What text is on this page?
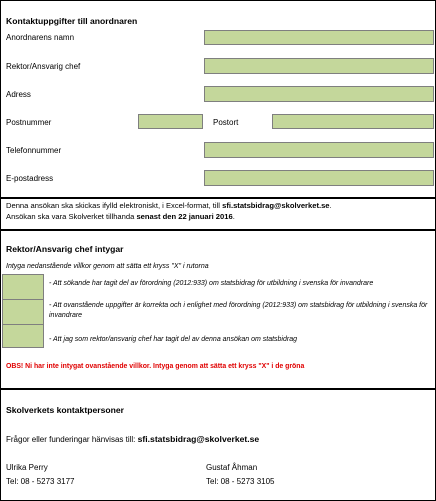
Kontaktuppgifter till anordnaren
Anordnarens namn
Rektor/Ansvarig chef
Adress
Postnummer	Postort
Telefonnummer
E-postadress
Denna ansökan ska skickas ifylld elektroniskt, i Excel-format, till sfi.statsbidrag@skolverket.se.
Ansökan ska vara Skolverket tillhanda senast den 22 januari 2016.
Rektor/Ansvarig chef intygar
Intyga nedanstående villkor genom att sätta ett kryss "X" i rutorna
- Att sökande har tagit del av förordning (2012:933) om statsbidrag för utbildning i svenska för invandrare
- Att ovanstående uppgifter är korrekta och i enlighet med förordning (2012:933) om statsbidrag för utbildning i svenska för invandrare
- Att jag som rektor/ansvarig chef har tagit del av denna ansökan om statsbidrag
OBS! Ni har inte intygat ovanstående villkor. Intyga genom att sätta ett kryss "X" i de gröna
Skolverkets kontaktpersoner
Frågor eller funderingar hänvisas till: sfi.statsbidrag@skolverket.se
Ulrika Perry
Tel: 08 - 5273 3177
Gustaf Åhman
Tel: 08 - 5273 3105
